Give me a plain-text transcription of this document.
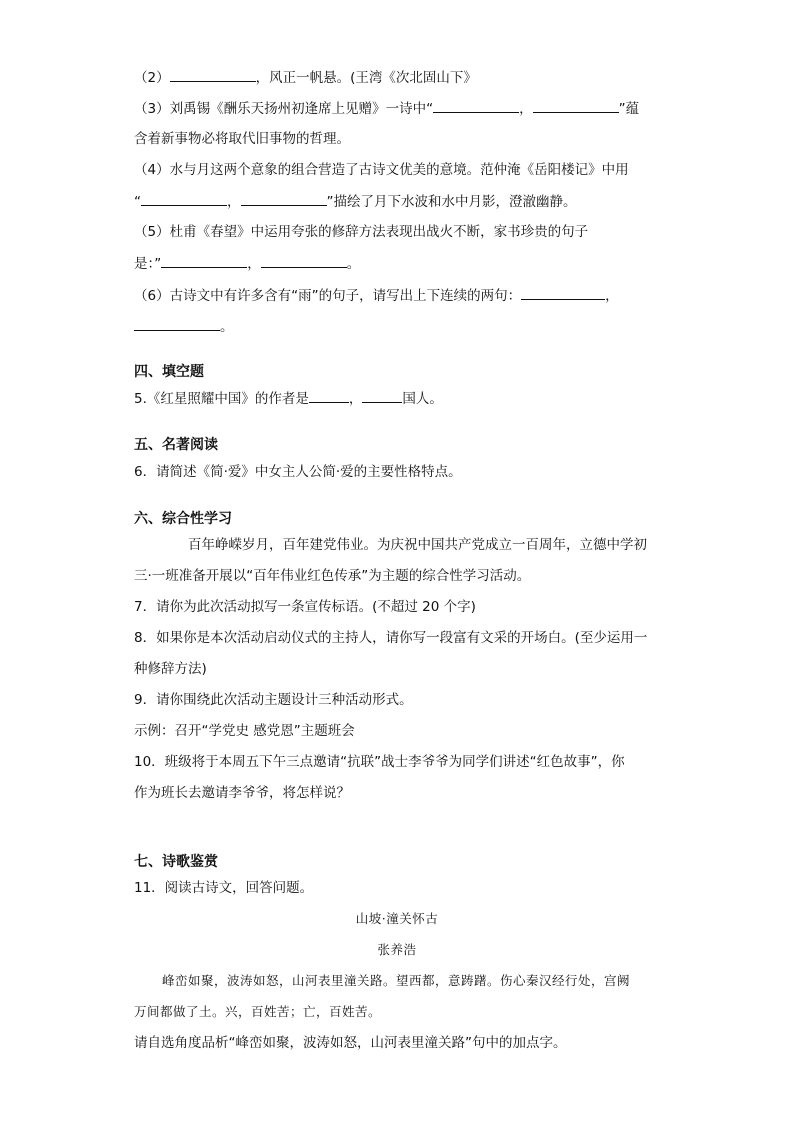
（2）	，风正一帆悬。(王湾《次北固山下》
（3）刘禹锡《酬乐天扬州初逢席上见赠》一诗中“	，	”蕴
含着新事物必将取代旧事物的哲理。
（4）水与月这两个意象的组合营造了古诗文优美的意境。范仲淹《岳阳楼记》中用
“	，	”描绘了月下水波和水中月影，澄澈幽静。
（5）杜甫《春望》中运用夸张的修辞方法表现出战火不断，家书珍贵的句子
是：”	，	。
（6）古诗文中有许多含有“雨”的句子，请写出上下连续的两句：	，
。
四、填空题
5.《红星照耀中国》的作者是	，	国人。
五、名著阅读
6．请简述《简·爱》中女主人公简·爱的主要性格特点。
六、综合性学习
百年峥嵘岁月，百年建党伟业。为庆祝中国共产党成立一百周年，立德中学初
三·一班准备开展以“百年伟业红色传承”为主题的综合性学习活动。
7．请你为此次活动拟写一条宣传标语。(不超过 20 个字)
8．如果你是本次活动启动仪式的主持人，请你写一段富有文采的开场白。(至少运用一
种修辞方法)
9．请你围绕此次活动主题设计三种活动形式。
示例：召开“学党史 感党恩”主题班会
10．班级将于本周五下午三点邀请“抗联”战士李爷爷为同学们讲述“红色故事”，你
作为班长去邀请李爷爷，将怎样说？
七、诗歌鉴赏
11．阅读古诗文，回答问题。
山坡·潼关怀古
张养浩
峰峦如聚，波涛如怒，山河表里潼关路。望西都，意踌躇。伤心秦汉经行处，宫阙
万间都做了土。兴，百姓苦；亡，百姓苦。
请自选角度品析“峰峦如聚，波涛如怒，山河表里潼关路”句中的加点字。
